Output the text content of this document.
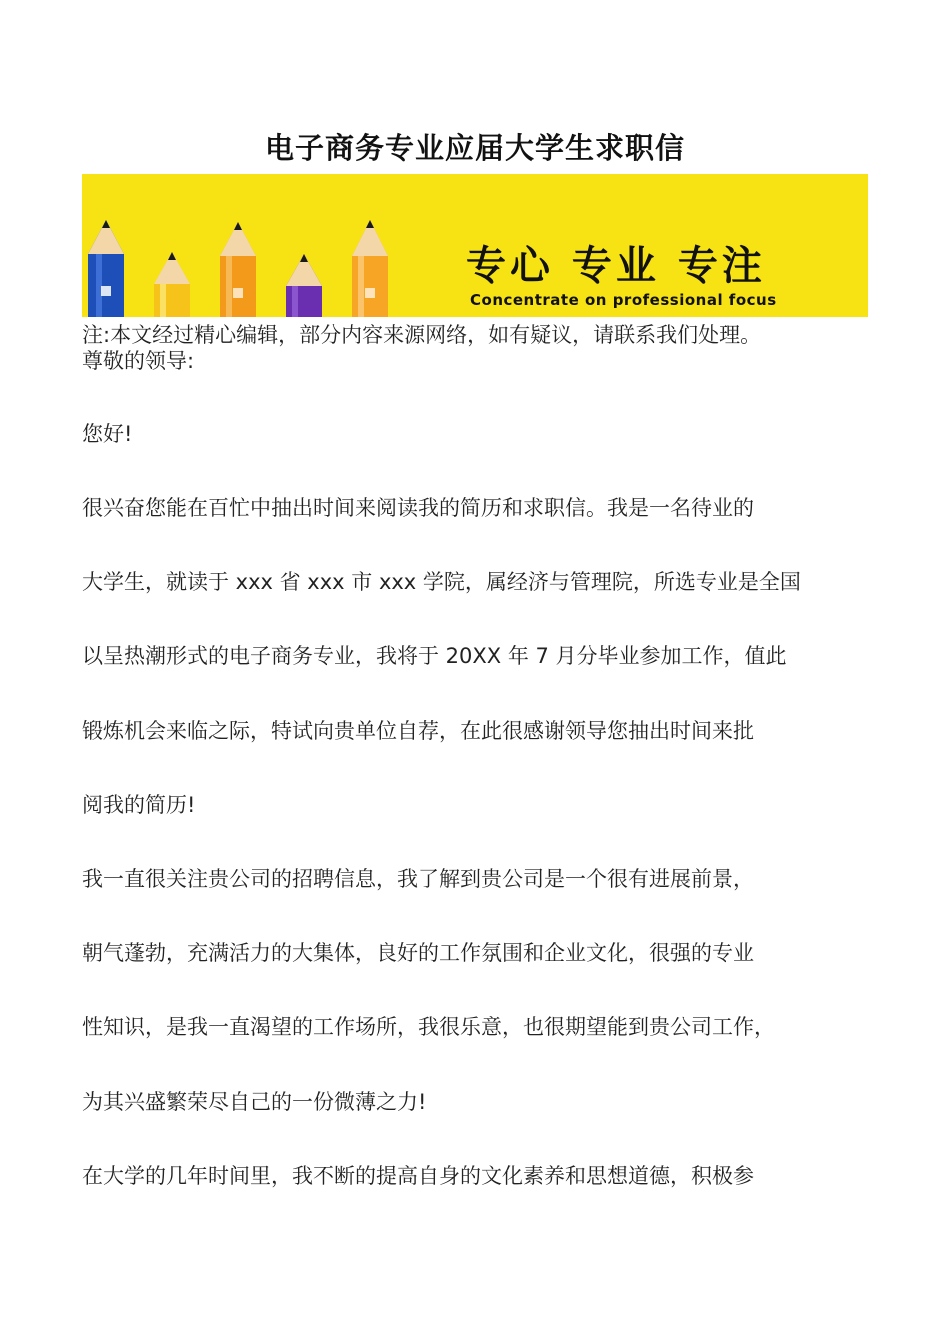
电子商务专业应届大学生求职信
专心 专业 专注
Concentrate on professional focus
注:本文经过精心编辑，部分内容来源网络，如有疑议，请联系我们处理。
尊敬的领导:
您好!
很兴奋您能在百忙中抽出时间来阅读我的简历和求职信。我是一名待业的
大学生，就读于 xxx 省 xxx 市 xxx 学院，属经济与管理院，所选专业是全国
以呈热潮形式的电子商务专业，我将于 20XX 年 7 月分毕业参加工作，值此
锻炼机会来临之际，特试向贵单位自荐，在此很感谢领导您抽出时间来批
阅我的简历!
我一直很关注贵公司的招聘信息，我了解到贵公司是一个很有进展前景，
朝气蓬勃，充满活力的大集体，良好的工作氛围和企业文化，很强的专业
性知识，是我一直渴望的工作场所，我很乐意，也很期望能到贵公司工作，
为其兴盛繁荣尽自己的一份微薄之力!
在大学的几年时间里，我不断的提高自身的文化素养和思想道德，积极参
